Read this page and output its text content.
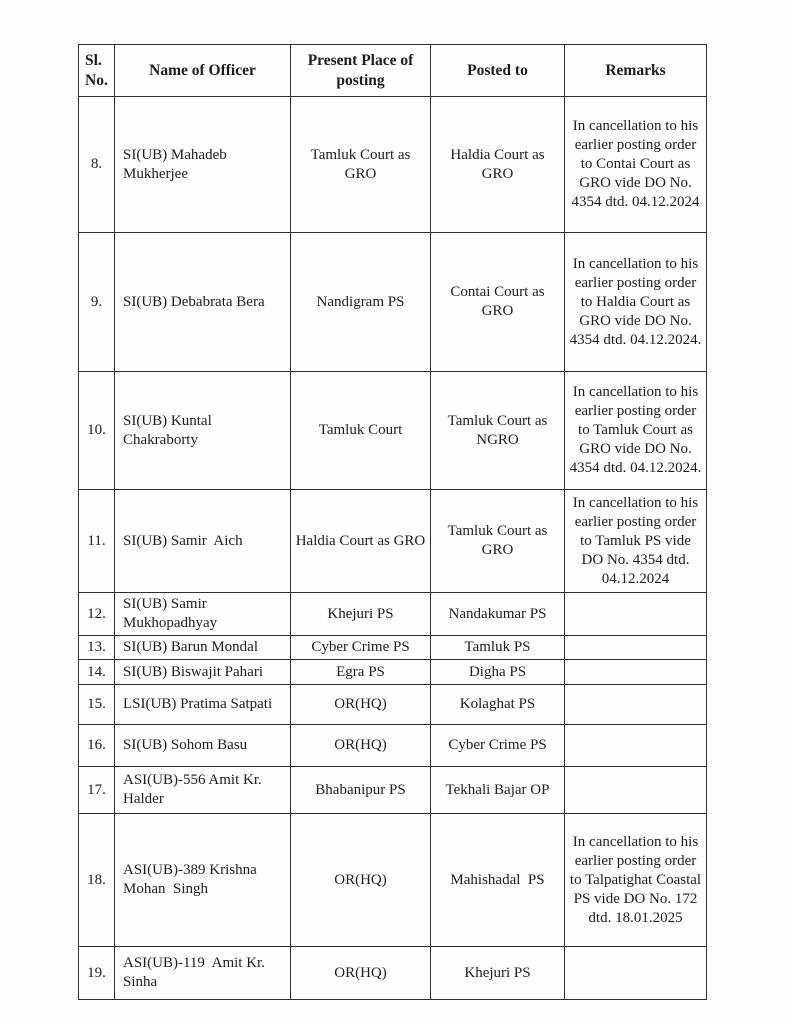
Sl. No.	Name of Officer	Present Place of posting	Posted to	Remarks
8.	SI(UB) Mahadeb Mukherjee	Tamluk Court as GRO	Haldia Court as GRO	In cancellation to his earlier posting order to Contai Court as GRO vide DO No. 4354 dtd. 04.12.2024
9.	SI(UB) Debabrata Bera	Nandigram PS	Contai Court as GRO	In cancellation to his earlier posting order to Haldia Court as GRO vide DO No. 4354 dtd. 04.12.2024.
10.	SI(UB) Kuntal Chakraborty	Tamluk Court	Tamluk Court as NGRO	In cancellation to his earlier posting order to Tamluk Court as GRO vide DO No. 4354 dtd. 04.12.2024.
11.	SI(UB) Samir  Aich	Haldia Court as GRO	Tamluk Court as GRO	In cancellation to his earlier posting order to Tamluk PS vide DO No. 4354 dtd. 04.12.2024
12.	SI(UB) Samir Mukhopadhyay	Khejuri PS	Nandakumar PS	
13.	SI(UB) Barun Mondal	Cyber Crime PS	Tamluk PS	
14.	SI(UB) Biswajit Pahari	Egra PS	Digha PS	
15.	LSI(UB) Pratima Satpati	OR(HQ)	Kolaghat PS	
16.	SI(UB) Sohom Basu	OR(HQ)	Cyber Crime PS	
17.	ASI(UB)-556 Amit Kr. Halder	Bhabanipur PS	Tekhali Bajar OP	
18.	ASI(UB)-389 Krishna Mohan  Singh	OR(HQ)	Mahishadal  PS	In cancellation to his earlier posting order to Talpatighat Coastal PS vide DO No. 172 dtd. 18.01.2025
19.	ASI(UB)-119  Amit Kr. Sinha	OR(HQ)	Khejuri PS	
